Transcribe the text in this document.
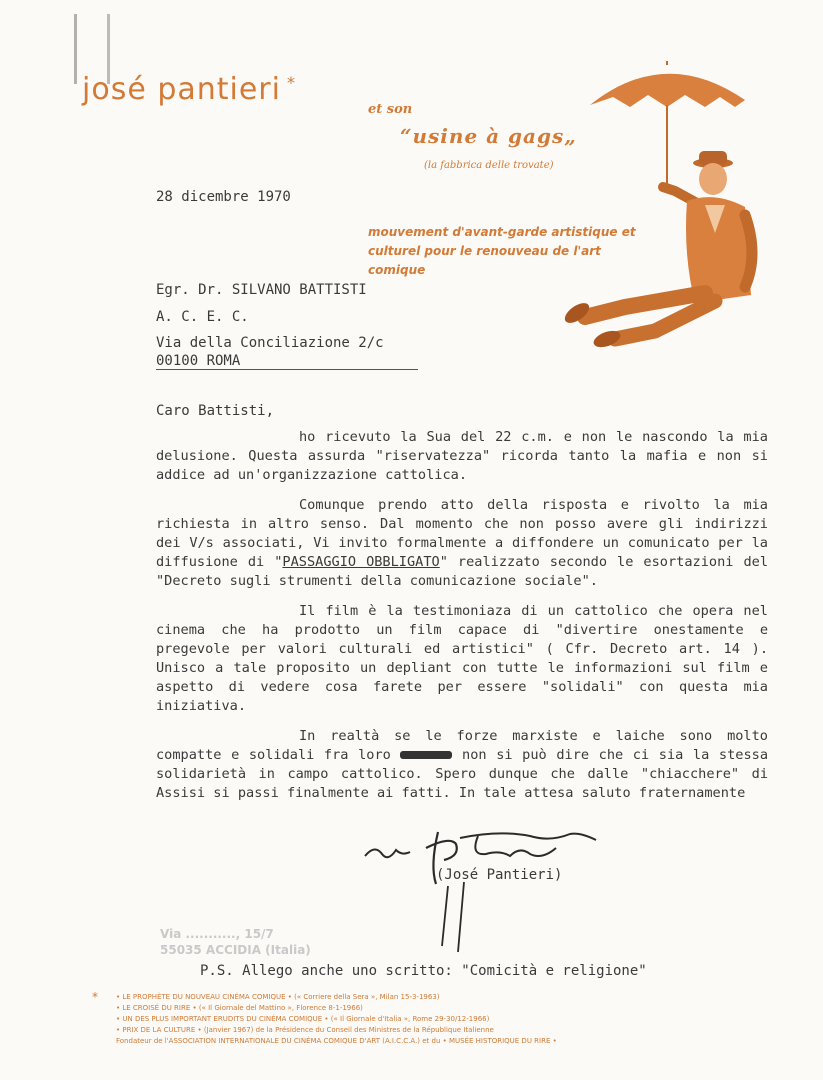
josé pantieri *
et son
“usine à gags„
(la fabbrica delle trovate)
mouvement d'avant-garde artistique et culturel pour le renouveau de l'art comique
28 dicembre 1970
Egr. Dr. SILVANO BATTISTI
A. C. E. C.
Via della Conciliazione 2/c
00100 ROMA
Caro Battisti,

ho ricevuto la Sua del 22 c.m. e non le nascondo la mia delusione. Questa assurda "riservatezza" ricorda tanto la mafia e non si addice ad un'organizzazione cattolica.

Comunque prendo atto della risposta e rivolto la mia richiesta in altro senso. Dal momento che non posso avere gli indirizzi dei V/s associati, Vi invito formalmente a diffondere un comunicato per la diffusione di "PASSAGGIO OBBLIGATO" realizzato secondo le esortazioni del "Decreto sugli strumenti della comunicazione sociale".

Il film è la testimoniaza di un cattolico che opera nel cinema che ha prodotto un film capace di "divertire onestamente e pregevole per valori culturali ed artistici" ( Cfr. Decreto art. 14 ). Unisco a tale proposito un depliant con tutte le informazioni sul film e aspetto di vedere cosa farete per essere "solidali" con questa mia iniziativa.

In realtà se le forze marxiste e laiche sono molto compatte e solidali fra loro	non si può dire che ci sia la stessa solidarietà in campo cattolico. Spero dunque che dalle "chiacchere" di Assisi si passi finalmente ai fatti. In tale attesa saluto fraternamente

(José Pantieri)
Via ..........., 15/7
55035 ACCIDIA (Italia)
P.S. Allego anche uno scritto: "Comicità e religione"
*	• LE PROPHÈTE DU NOUVEAU CINÉMA COMIQUE • (« Corriere della Sera », Milan 15-3-1963)
• LE CROISÉ DU RIRE • (« Il Giornale del Mattino », Florence 8-1-1966)
• UN DES PLUS IMPORTANT ERUDITS DU CINÉMA COMIQUE • (« Il Giornale d'Italia », Rome 29-30/12-1966)
• PRIX DE LA CULTURE • (Janvier 1967) de la Présidence du Conseil des Ministres de la République Italienne
Fondateur de l'ASSOCIATION INTERNATIONALE DU CINÉMA COMIQUE D'ART (A.I.C.C.A.) et du • MUSÉE HISTORIQUE DU RIRE •
